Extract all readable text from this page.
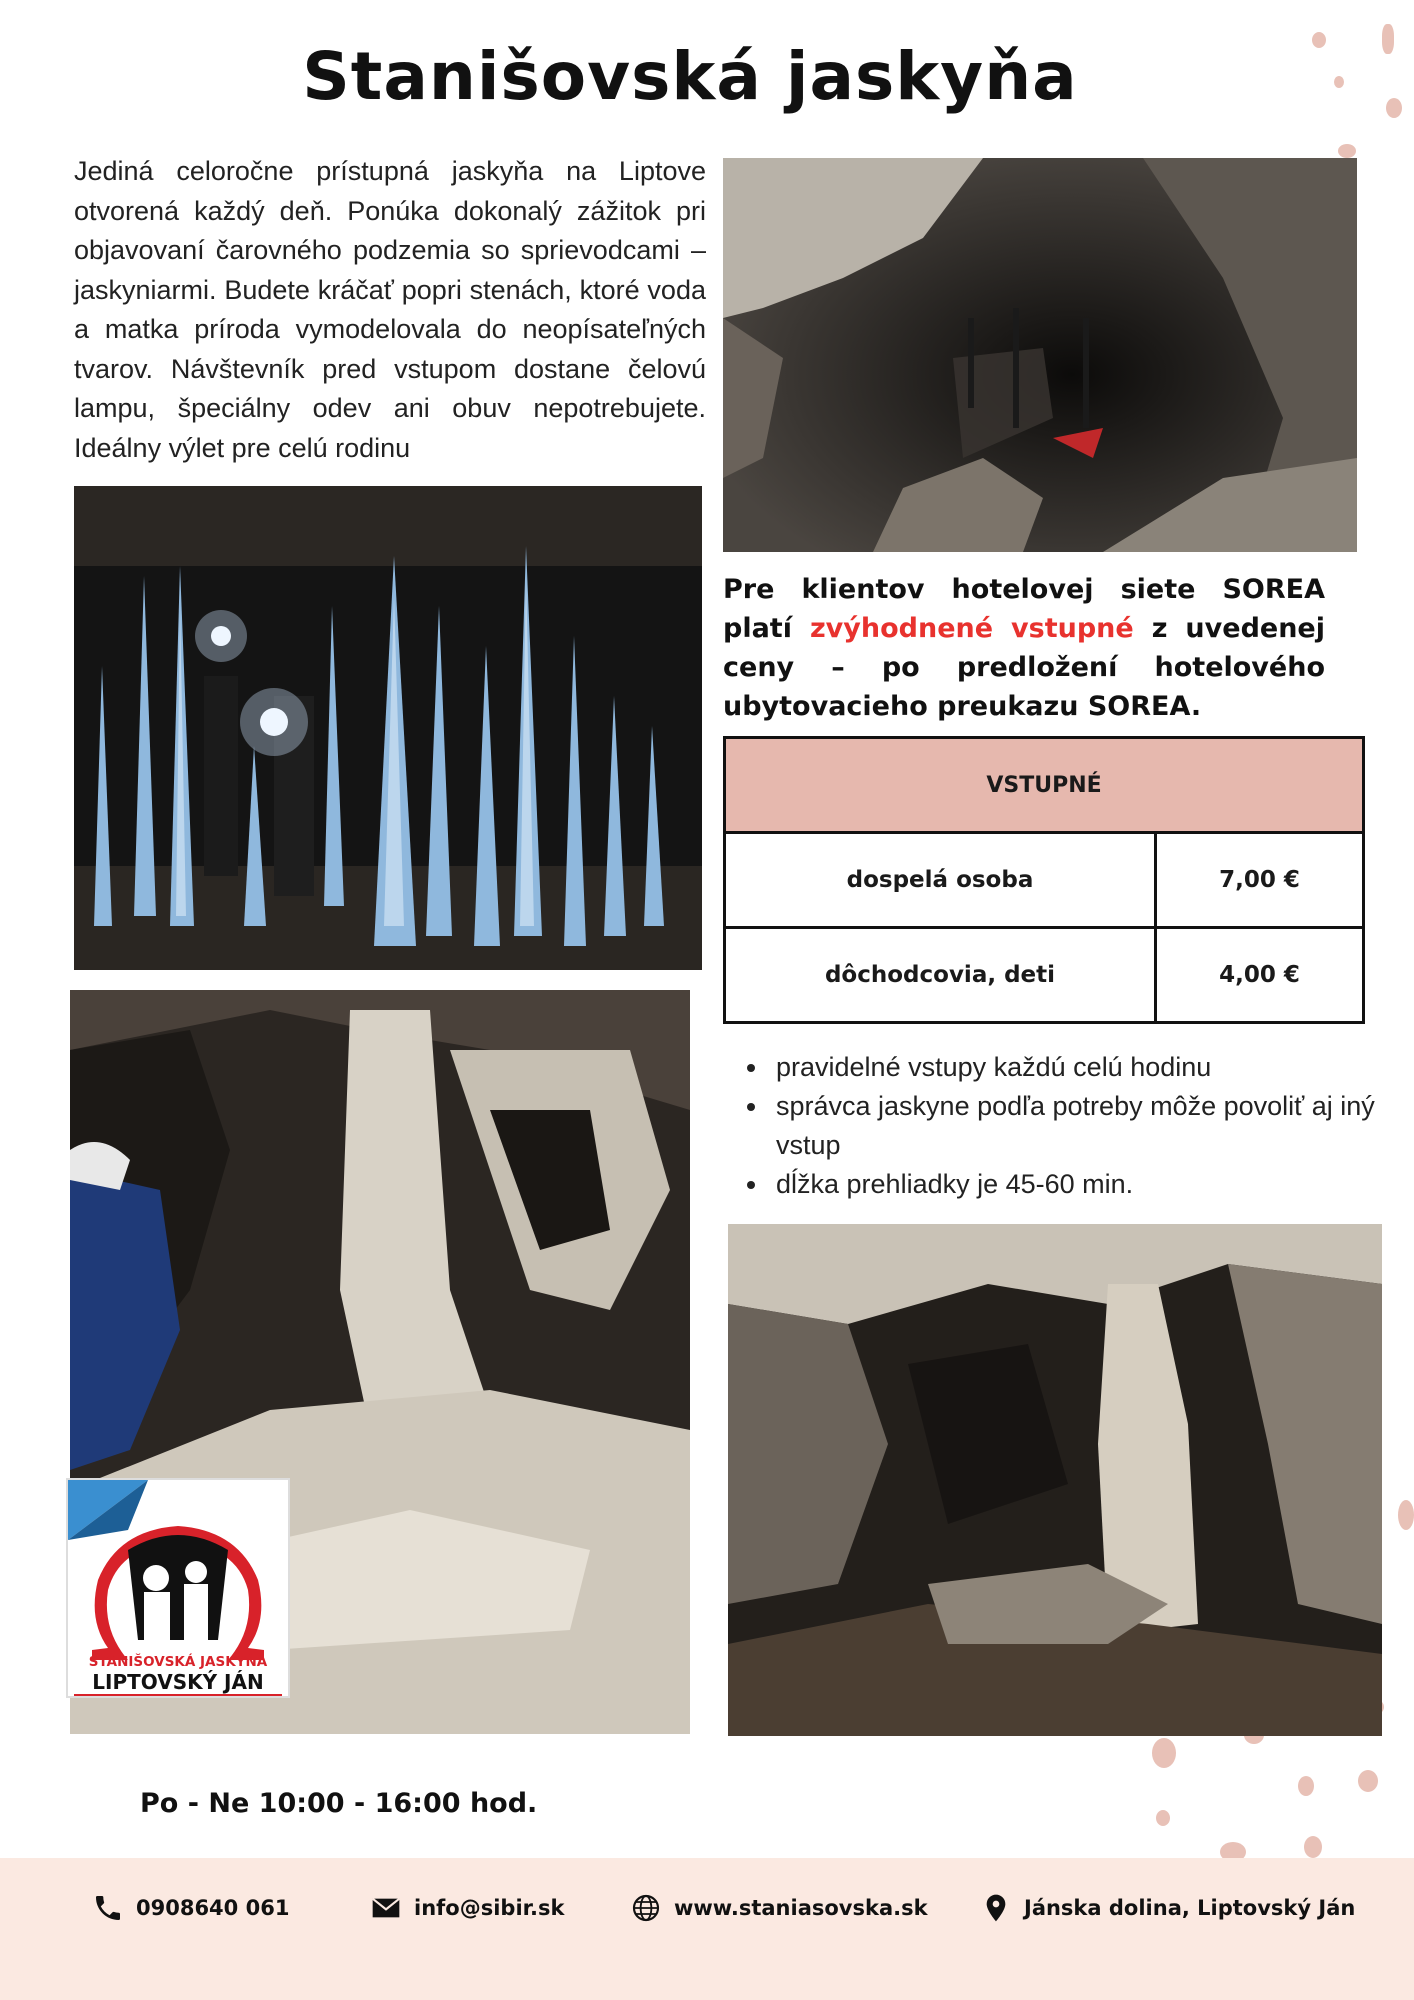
Stanišovská jaskyňa

Jediná celoročne prístupná jaskyňa na Liptove otvorená každý deň. Ponúka dokonalý zážitok pri objavovaní čarovného podzemia so sprievodcami – jaskyniarmi. Budete kráčať popri stenách, ktoré voda a matka príroda vymodelovala do neopísateľných tvarov. Návštevník pred vstupom dostane čelovú lampu, špeciálny odev ani obuv nepotrebujete. Ideálny výlet pre celú rodinu

STANIŠOVSKÁ JASKYŇA
LIPTOVSKÝ JÁN

Pre klientov hotelovej siete SOREA platí zvýhodnené vstupné z uvedenej ceny – po predložení hotelového ubytovacieho preukazu SOREA.

VSTUPNÉ	
dospelá osoba	7,00 €
dôchodcovia, deti	4,00 €
• pravidelné vstupy každú celú hodinu
• správca jaskyne podľa potreby môže povoliť aj iný vstup
• dĺžka prehliadky je 45-60 min.
Po - Ne 10:00 - 16:00 hod.
0908640 061	info@sibir.sk	www.staniasovska.sk	Jánska dolina, Liptovský Ján
